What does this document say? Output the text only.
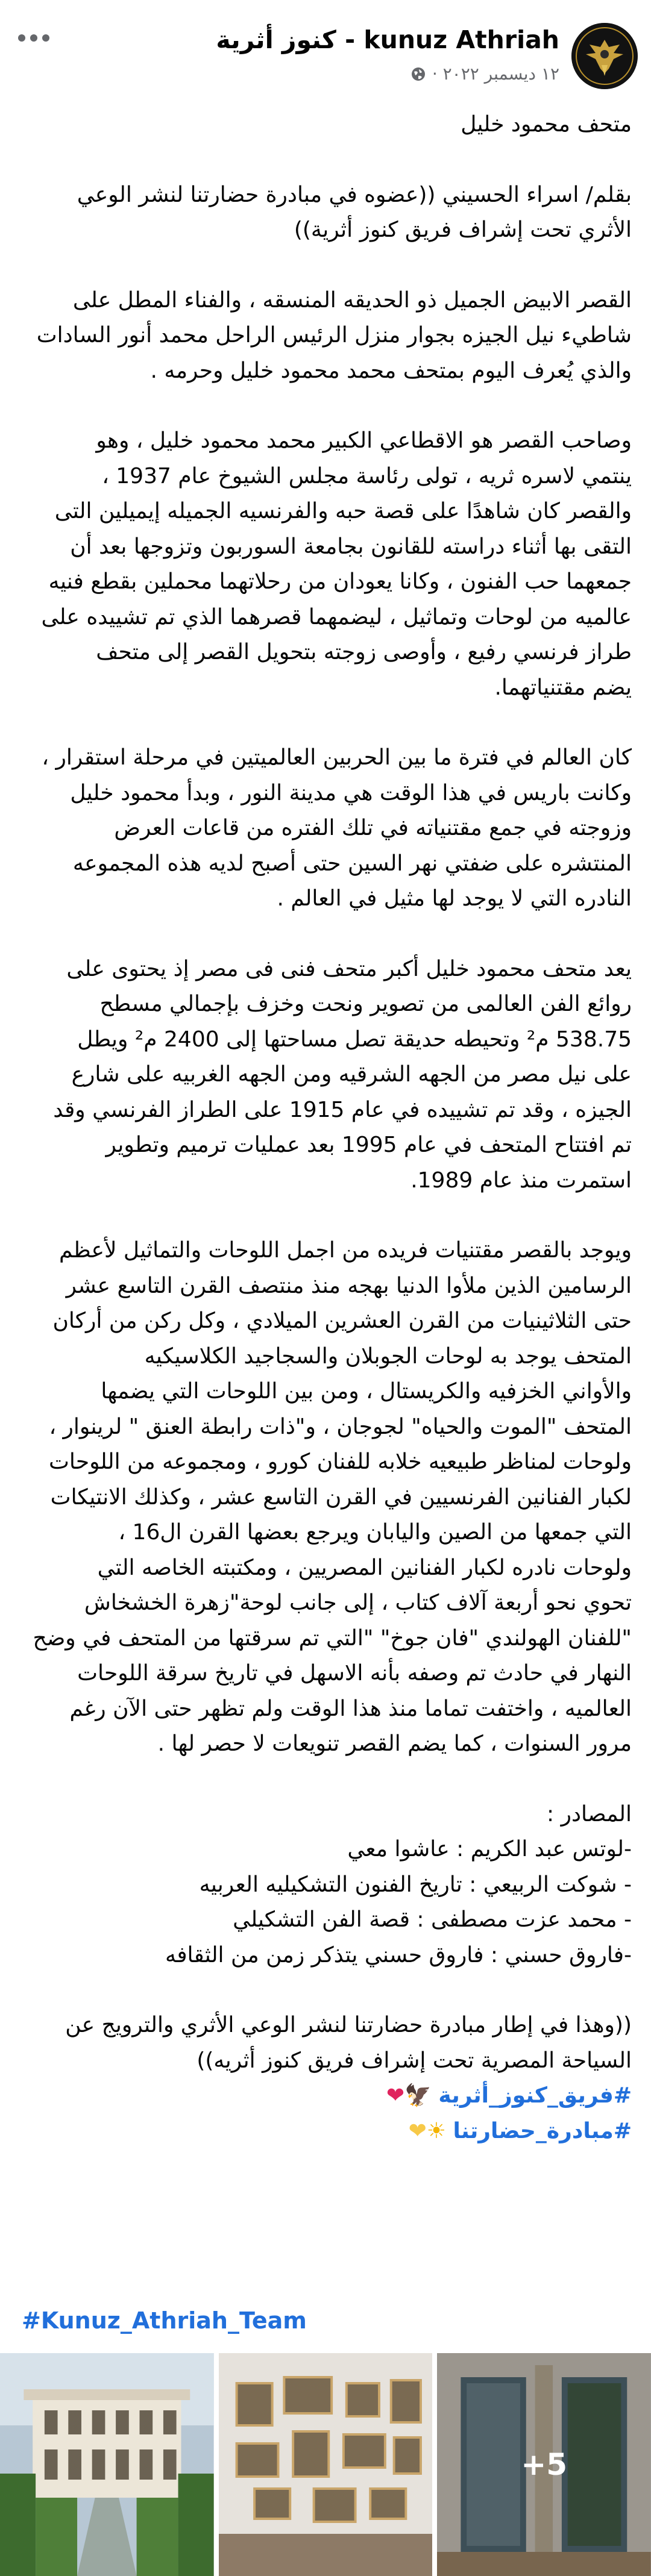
kunuz Athriah - كنوز أثرية
١٢ ديسمبر ٢٠٢٢ ·

متحف محمود خليل

بقلم/ اسراء الحسيني ((عضوه في مبادرة حضارتنا لنشر الوعي

الأثري تحت إشراف فريق كنوز أثرية))

القصر الابيض الجميل ذو الحديقه المنسقه ، والفناء المطل على

شاطيء نيل الجيزه بجوار منزل الرئيس الراحل محمد أنور السادات

والذي يُعرف اليوم بمتحف محمد محمود خليل وحرمه .

وصاحب القصر هو الاقطاعي الكبير محمد محمود خليل ، وهو

ينتمي لاسره ثريه ، تولى رئاسة مجلس الشيوخ عام 1937 ،

والقصر كان شاهدًا على قصة حبه والفرنسيه الجميله إيميلين التى

التقى بها أثناء دراسته للقانون بجامعة السوربون وتزوجها بعد أن

جمعهما حب الفنون ، وكانا يعودان من رحلاتهما محملين بقطع فنيه

عالميه من لوحات وتماثيل ، ليضمهما قصرهما الذي تم تشييده على

طراز فرنسي رفيع ، وأوصى زوجته بتحويل القصر إلى متحف

يضم مقتنياتهما.

كان العالم في فترة ما بين الحربين العالميتين في مرحلة استقرار ،

وكانت باريس في هذا الوقت هي مدينة النور ، وبدأ محمود خليل

وزوجته في جمع مقتنياته في تلك الفتره من قاعات العرض

المنتشره على ضفتي نهر السين حتى أصبح لديه هذه المجموعه

النادره التي لا يوجد لها مثيل في العالم .

يعد متحف محمود خليل أكبر متحف فنى فى مصر إذ يحتوى على

روائع الفن العالمى من تصوير ونحت وخزف بإجمالي مسطح

538.75 م² وتحيطه حديقة تصل مساحتها إلى 2400 م² ويطل

على نيل مصر من الجهه الشرقيه ومن الجهه الغربيه على شارع

الجيزه ، وقد تم تشييده في عام 1915 على الطراز الفرنسي وقد

تم افتتاح المتحف في عام 1995 بعد عمليات ترميم وتطوير

استمرت منذ عام 1989.

ويوجد بالقصر مقتنيات فريده من اجمل اللوحات والتماثيل لأعظم

الرسامين الذين ملأوا الدنيا بهجه منذ منتصف القرن التاسع عشر

حتى الثلاثينيات من القرن العشرين الميلادي ، وكل ركن من أركان

المتحف يوجد به لوحات الجوبلان والسجاجيد الكلاسيكيه

والأواني الخزفيه والكريستال ، ومن بين اللوحات التي يضمها

المتحف "الموت والحياه" لجوجان ، و"ذات رابطة العنق " لرينوار ،

ولوحات لمناظر طبيعيه خلابه للفنان كورو ، ومجموعه من اللوحات

لكبار الفنانين الفرنسيين في القرن التاسع عشر ، وكذلك الانتيكات

التي جمعها من الصين واليابان ويرجع بعضها القرن ال16 ،

ولوحات نادره لكبار الفنانين المصريين ، ومكتبته الخاصه التي

تحوي نحو أربعة آلاف كتاب ، إلى جانب لوحة"زهرة الخشخاش

"للفنان الهولندي "فان جوخ" "التي تم سرقتها من المتحف في وضح

النهار في حادث تم وصفه بأنه الاسهل في تاريخ سرقة اللوحات

العالميه ، واختفت تماما منذ هذا الوقت ولم تظهر حتى الآن رغم

مرور السنوات ، كما يضم القصر تنويعات لا حصر لها .

المصادر :

-لوتس عبد الكريم : عاشوا معي

- شوكت الربيعي : تاريخ الفنون التشكيليه العربيه

- محمد عزت مصطفى : قصة الفن التشكيلي

-فاروق حسني : فاروق حسني يتذكر زمن من الثقافه

((وهذا في إطار مبادرة حضارتنا لنشر الوعي الأثري والترويج عن

السياحة المصرية تحت إشراف فريق كنوز أثريه))

#فريق_كنوز_أثرية 🦅❤

#مبادرة_حضارتنا ☀❤

#Kunuz_Athriah_Team
+5
